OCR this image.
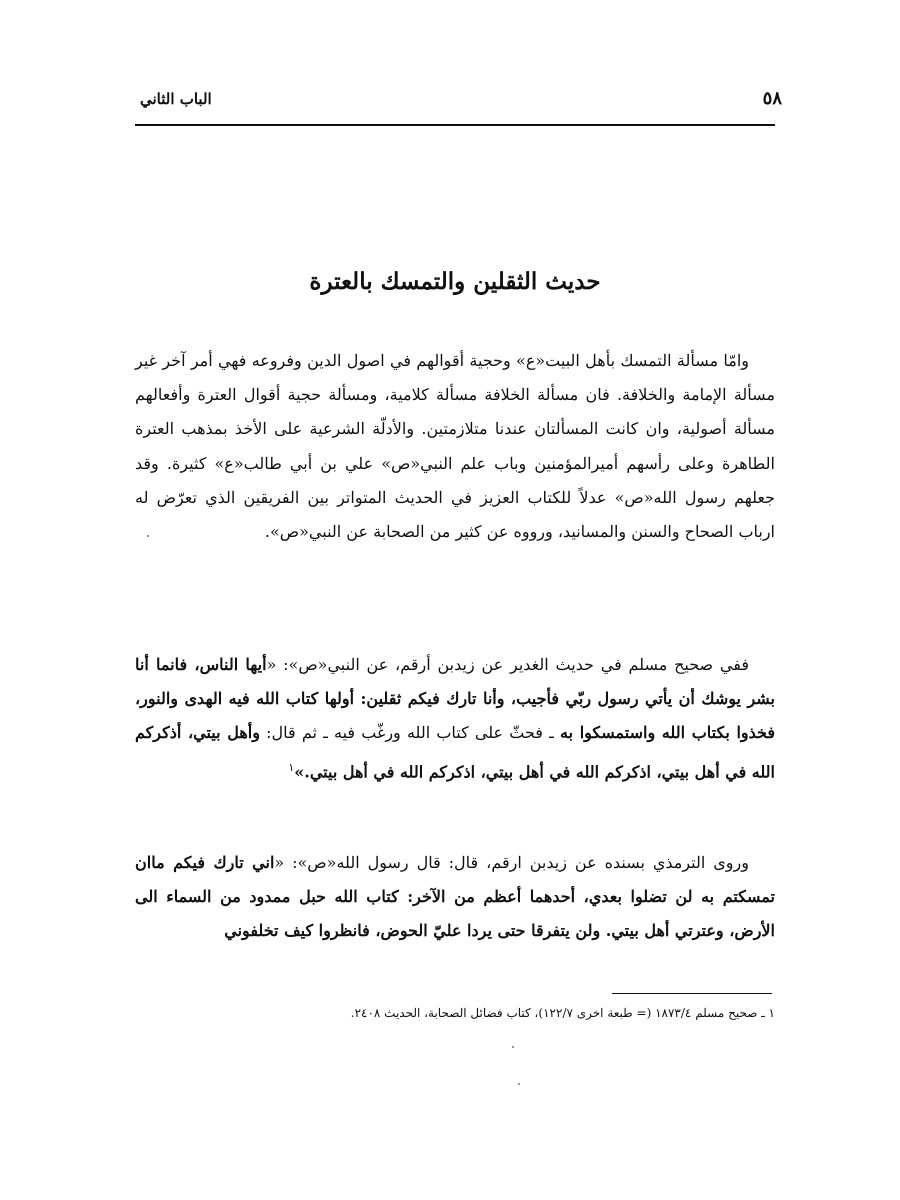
الباب الثاني	٥٨
حديث الثقلين والتمسك بالعترة

وامّا مسألة التمسك بأهل البيت«ع» وحجية أقوالهم في اصول الدين وفروعه فهي أمر آخر غير مسألة الإمامة والخلافة. فان مسألة الخلافة مسألة كلامية، ومسألة حجية أقوال العترة وأفعالهم مسألة أصولية، وان كانت المسألتان عندنا متلازمتين. والأدلّة الشرعية على الأخذ بمذهب العترة الطاهرة وعلى رأسهم أميرالمؤمنين وباب علم النبي«ص» علي بن أبي طالب«ع» كثيرة. وقد جعلهم رسول الله«ص» عدلاً للكتاب العزيز في الحديث المتواتر بين الفريقين الذي تعرّض له ارباب الصحاح والسنن والمسانيد، ورووه عن كثير من الصحابة عن النبي«ص».

ففي صحيح مسلم في حديث الغدير عن زيدبن أرقم، عن النبي«ص»: «أيها الناس، فانما أنا بشر يوشك أن يأتي رسول ربّي فأجيب، وأنا تارك فيكم ثقلين: أولها كتاب الله فيه الهدى والنور، فخذوا بكتاب الله واستمسكوا به ـ فحثّ على كتاب الله ورغّب فيه ـ ثم قال: وأهل بيتي، أذكركم الله في أهل بيتي، اذكركم الله في أهل بيتي، اذكركم الله في أهل بيتي.»$^١$

وروى الترمذي بسنده عن زيدبن ارقم، قال: قال رسول الله«ص»: «اني تارك فيكم ماان تمسكتم به لن تضلوا بعدي، أحدهما أعظم من الآخر: كتاب الله حبل ممدود من السماء الى الأرض، وعترتي أهل بيتي. ولن يتفرقا حتى يردا عليّ الحوض، فانظروا كيف تخلفوني

١ ـ صحيح مسلم ١٨٧٣/٤ (= طبعة اخرى ١٢٢/٧)، كتاب فضائل الصحابة، الحديث ٢٤٠٨.
